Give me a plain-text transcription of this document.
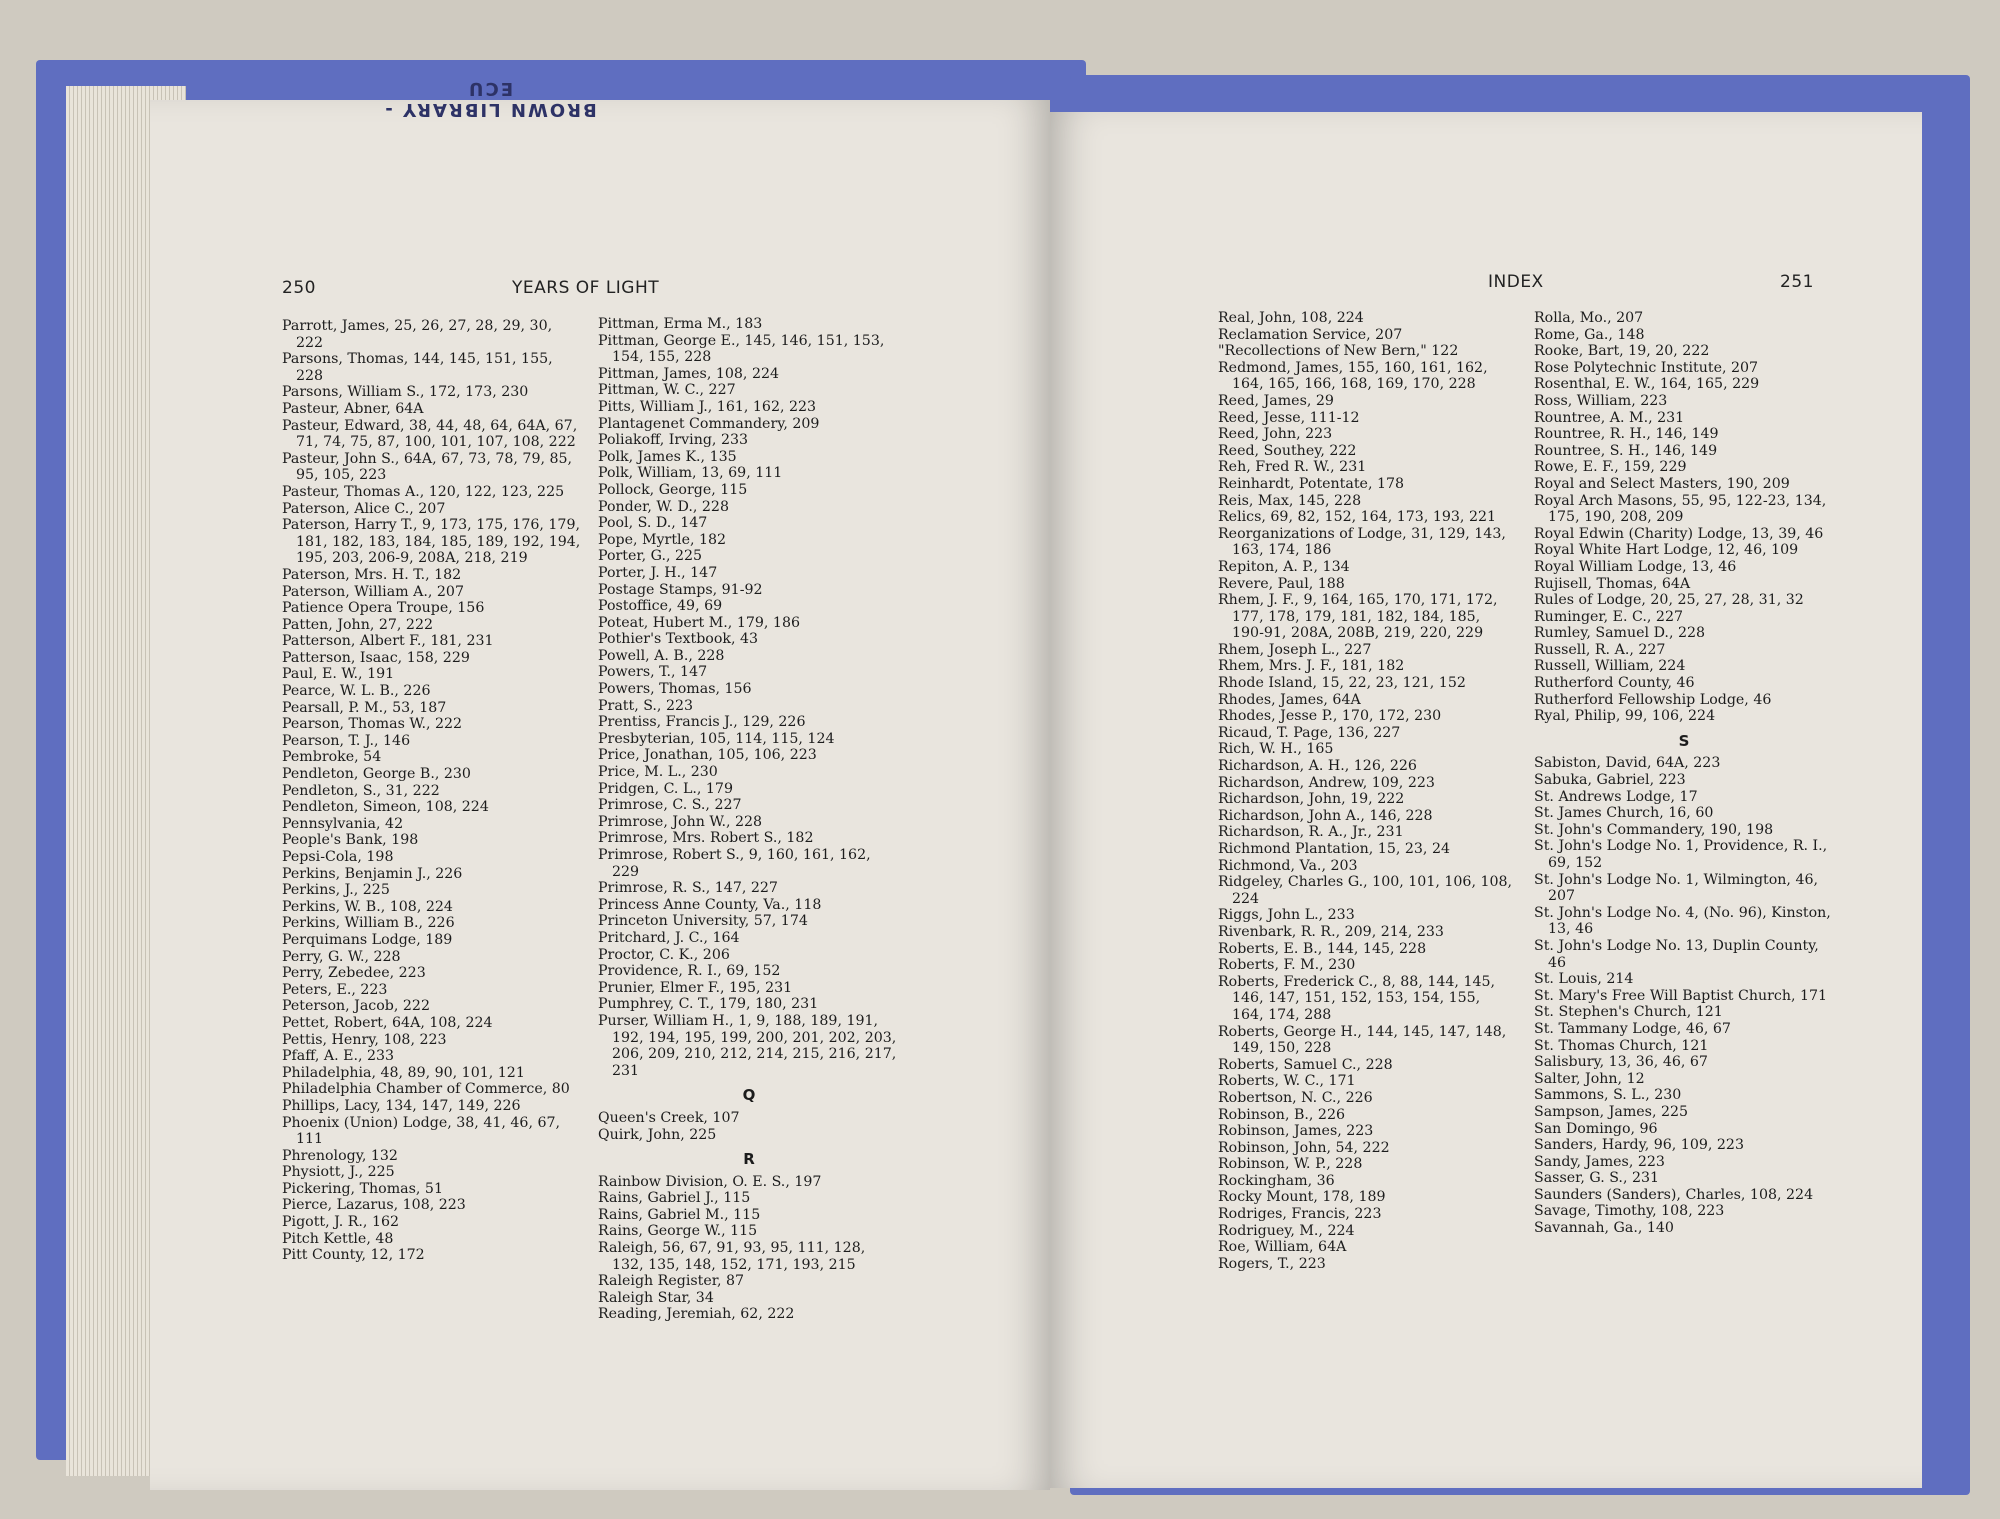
250	YEARS OF LIGHT
Parrott, James, 25, 26, 27, 28, 29, 30, 222
Parsons, Thomas, 144, 145, 151, 155, 228
Parsons, William S., 172, 173, 230
Pasteur, Abner, 64A
Pasteur, Edward, 38, 44, 48, 64, 64A, 67, 71, 74, 75, 87, 100, 101, 107, 108, 222
Pasteur, John S., 64A, 67, 73, 78, 79, 85, 95, 105, 223
Pasteur, Thomas A., 120, 122, 123, 225
Paterson, Alice C., 207
Paterson, Harry T., 9, 173, 175, 176, 179, 181, 182, 183, 184, 185, 189, 192, 194, 195, 203, 206-9, 208A, 218, 219
Paterson, Mrs. H. T., 182
Paterson, William A., 207
Patience Opera Troupe, 156
Patten, John, 27, 222
Patterson, Albert F., 181, 231
Patterson, Isaac, 158, 229
Paul, E. W., 191
Pearce, W. L. B., 226
Pearsall, P. M., 53, 187
Pearson, Thomas W., 222
Pearson, T. J., 146
Pembroke, 54
Pendleton, George B., 230
Pendleton, S., 31, 222
Pendleton, Simeon, 108, 224
Pennsylvania, 42
People's Bank, 198
Pepsi-Cola, 198
Perkins, Benjamin J., 226
Perkins, J., 225
Perkins, W. B., 108, 224
Perkins, William B., 226
Perquimans Lodge, 189
Perry, G. W., 228
Perry, Zebedee, 223
Peters, E., 223
Peterson, Jacob, 222
Pettet, Robert, 64A, 108, 224
Pettis, Henry, 108, 223
Pfaff, A. E., 233
Philadelphia, 48, 89, 90, 101, 121
Philadelphia Chamber of Commerce, 80
Phillips, Lacy, 134, 147, 149, 226
Phoenix (Union) Lodge, 38, 41, 46, 67, 111
Phrenology, 132
Physiott, J., 225
Pickering, Thomas, 51
Pierce, Lazarus, 108, 223
Pigott, J. R., 162
Pitch Kettle, 48
Pitt County, 12, 172
Pittman, Erma M., 183
Pittman, George E., 145, 146, 151, 153, 154, 155, 228
Pittman, James, 108, 224
Pittman, W. C., 227
Pitts, William J., 161, 162, 223
Plantagenet Commandery, 209
Poliakoff, Irving, 233
Polk, James K., 135
Polk, William, 13, 69, 111
Pollock, George, 115
Ponder, W. D., 228
Pool, S. D., 147
Pope, Myrtle, 182
Porter, G., 225
Porter, J. H., 147
Postage Stamps, 91-92
Postoffice, 49, 69
Poteat, Hubert M., 179, 186
Pothier's Textbook, 43
Powell, A. B., 228
Powers, T., 147
Powers, Thomas, 156
Pratt, S., 223
Prentiss, Francis J., 129, 226
Presbyterian, 105, 114, 115, 124
Price, Jonathan, 105, 106, 223
Price, M. L., 230
Pridgen, C. L., 179
Primrose, C. S., 227
Primrose, John W., 228
Primrose, Mrs. Robert S., 182
Primrose, Robert S., 9, 160, 161, 162, 229
Primrose, R. S., 147, 227
Princess Anne County, Va., 118
Princeton University, 57, 174
Pritchard, J. C., 164
Proctor, C. K., 206
Providence, R. I., 69, 152
Prunier, Elmer F., 195, 231
Pumphrey, C. T., 179, 180, 231
Purser, William H., 1, 9, 188, 189, 191, 192, 194, 195, 199, 200, 201, 202, 203, 206, 209, 210, 212, 214, 215, 216, 217, 231
Q
Queen's Creek, 107
Quirk, John, 225
R
Rainbow Division, O. E. S., 197
Rains, Gabriel J., 115
Rains, Gabriel M., 115
Rains, George W., 115
Raleigh, 56, 67, 91, 93, 95, 111, 128, 132, 135, 148, 152, 171, 193, 215
Raleigh Register, 87
Raleigh Star, 34
Reading, Jeremiah, 62, 222
BROWN LIBRARY - ECU
INDEX	251
Real, John, 108, 224
Reclamation Service, 207
"Recollections of New Bern," 122
Redmond, James, 155, 160, 161, 162, 164, 165, 166, 168, 169, 170, 228
Reed, James, 29
Reed, Jesse, 111-12
Reed, John, 223
Reed, Southey, 222
Reh, Fred R. W., 231
Reinhardt, Potentate, 178
Reis, Max, 145, 228
Relics, 69, 82, 152, 164, 173, 193, 221
Reorganizations of Lodge, 31, 129, 143, 163, 174, 186
Repiton, A. P., 134
Revere, Paul, 188
Rhem, J. F., 9, 164, 165, 170, 171, 172, 177, 178, 179, 181, 182, 184, 185, 190-91, 208A, 208B, 219, 220, 229
Rhem, Joseph L., 227
Rhem, Mrs. J. F., 181, 182
Rhode Island, 15, 22, 23, 121, 152
Rhodes, James, 64A
Rhodes, Jesse P., 170, 172, 230
Ricaud, T. Page, 136, 227
Rich, W. H., 165
Richardson, A. H., 126, 226
Richardson, Andrew, 109, 223
Richardson, John, 19, 222
Richardson, John A., 146, 228
Richardson, R. A., Jr., 231
Richmond Plantation, 15, 23, 24
Richmond, Va., 203
Ridgeley, Charles G., 100, 101, 106, 108, 224
Riggs, John L., 233
Rivenbark, R. R., 209, 214, 233
Roberts, E. B., 144, 145, 228
Roberts, F. M., 230
Roberts, Frederick C., 8, 88, 144, 145, 146, 147, 151, 152, 153, 154, 155, 164, 174, 288
Roberts, George H., 144, 145, 147, 148, 149, 150, 228
Roberts, Samuel C., 228
Roberts, W. C., 171
Robertson, N. C., 226
Robinson, B., 226
Robinson, James, 223
Robinson, John, 54, 222
Robinson, W. P., 228
Rockingham, 36
Rocky Mount, 178, 189
Rodriges, Francis, 223
Rodriguey, M., 224
Roe, William, 64A
Rogers, T., 223
Rolla, Mo., 207
Rome, Ga., 148
Rooke, Bart, 19, 20, 222
Rose Polytechnic Institute, 207
Rosenthal, E. W., 164, 165, 229
Ross, William, 223
Rountree, A. M., 231
Rountree, R. H., 146, 149
Rountree, S. H., 146, 149
Rowe, E. F., 159, 229
Royal and Select Masters, 190, 209
Royal Arch Masons, 55, 95, 122-23, 134, 175, 190, 208, 209
Royal Edwin (Charity) Lodge, 13, 39, 46
Royal White Hart Lodge, 12, 46, 109
Royal William Lodge, 13, 46
Rujisell, Thomas, 64A
Rules of Lodge, 20, 25, 27, 28, 31, 32
Ruminger, E. C., 227
Rumley, Samuel D., 228
Russell, R. A., 227
Russell, William, 224
Rutherford County, 46
Rutherford Fellowship Lodge, 46
Ryal, Philip, 99, 106, 224
S
Sabiston, David, 64A, 223
Sabuka, Gabriel, 223
St. Andrews Lodge, 17
St. James Church, 16, 60
St. John's Commandery, 190, 198
St. John's Lodge No. 1, Providence, R. I., 69, 152
St. John's Lodge No. 1, Wilmington, 46, 207
St. John's Lodge No. 4, (No. 96), Kinston, 13, 46
St. John's Lodge No. 13, Duplin County, 46
St. Louis, 214
St. Mary's Free Will Baptist Church, 171
St. Stephen's Church, 121
St. Tammany Lodge, 46, 67
St. Thomas Church, 121
Salisbury, 13, 36, 46, 67
Salter, John, 12
Sammons, S. L., 230
Sampson, James, 225
San Domingo, 96
Sanders, Hardy, 96, 109, 223
Sandy, James, 223
Sasser, G. S., 231
Saunders (Sanders), Charles, 108, 224
Savage, Timothy, 108, 223
Savannah, Ga., 140
